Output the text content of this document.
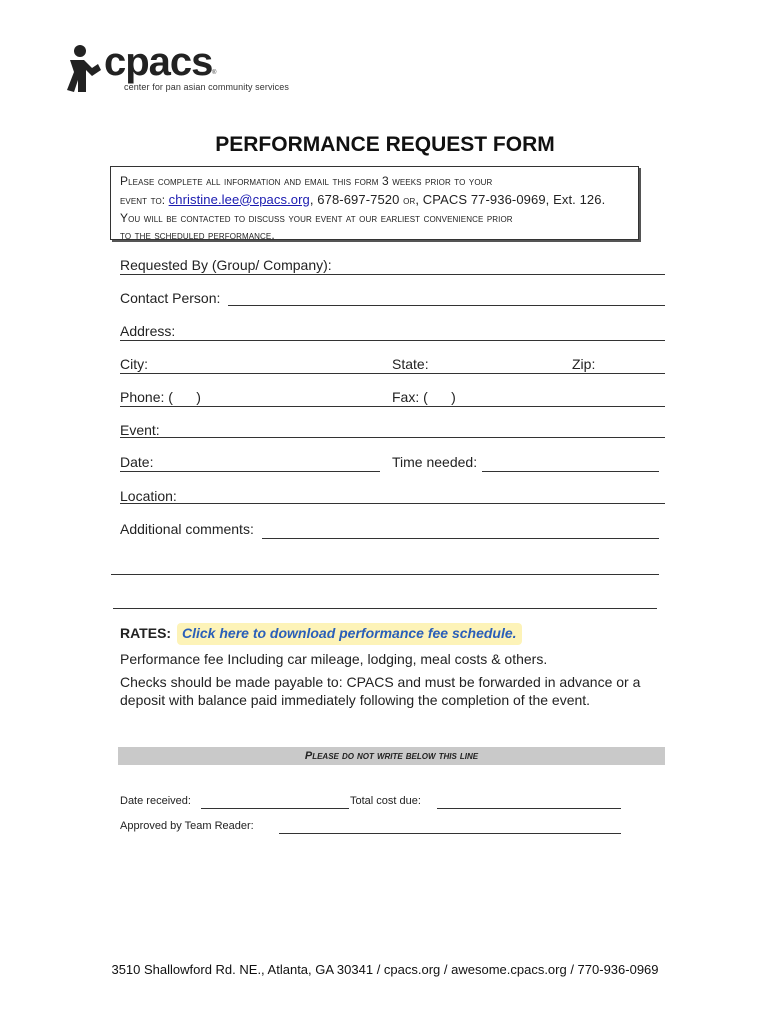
cpacs ®
center for pan asian community services
PERFORMANCE REQUEST FORM
Please complete all information and email this form 3 weeks prior to your
event to: christine.lee@cpacs.org, 678-697-7520 or, CPACS 77-936-0969, Ext. 126.
You will be contacted to discuss your event at our earliest convenience prior
to the scheduled performance.
Requested By (Group/ Company):
Contact Person:
Address:
City:	State:	Zip:
Phone: (      )	Fax: (      )
Event:
Date:	Time needed:
Location:
Additional comments:
RATES: Click here to download performance fee schedule.
Performance fee Including car mileage, lodging, meal costs & others.
Checks should be made payable to: CPACS and must be forwarded in advance or a
deposit with balance paid immediately following the completion of the event.
Please do not write below this line
Date received:	Total cost due:
Approved by Team Reader:
3510 Shallowford Rd. NE., Atlanta, GA 30341 / cpacs.org / awesome.cpacs.org / 770-936-0969
